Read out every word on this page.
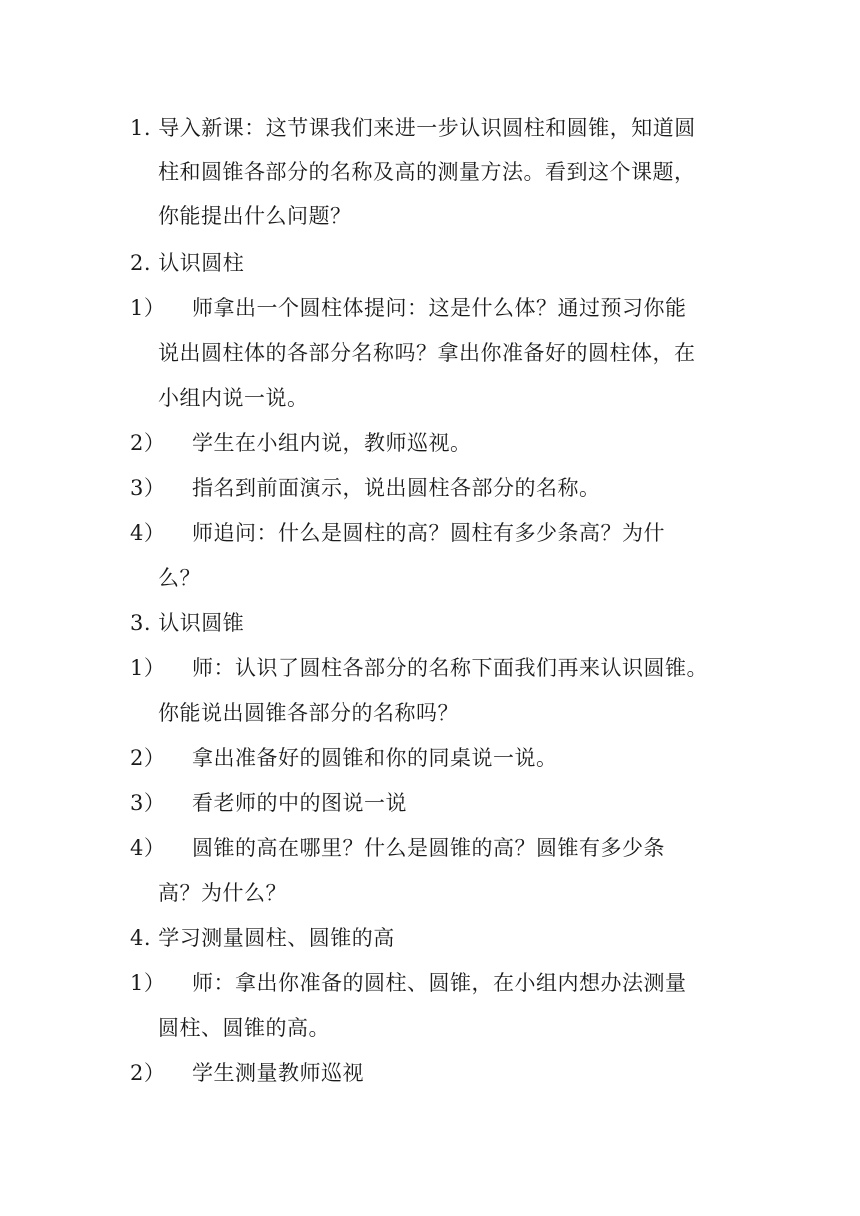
1. 导入新课：这节课我们来进一步认识圆柱和圆锥，知道圆
柱和圆锥各部分的名称及高的测量方法。看到这个课题，
你能提出什么问题？
2. 认识圆柱
1） 师拿出一个圆柱体提问：这是什么体？通过预习你能
说出圆柱体的各部分名称吗？拿出你准备好的圆柱体，在
小组内说一说。
2） 学生在小组内说，教师巡视。
3） 指名到前面演示，说出圆柱各部分的名称。
4） 师追问：什么是圆柱的高？圆柱有多少条高？为什
么？
3. 认识圆锥
1） 师：认识了圆柱各部分的名称下面我们再来认识圆锥。
你能说出圆锥各部分的名称吗？
2） 拿出准备好的圆锥和你的同桌说一说。
3） 看老师的中的图说一说
4） 圆锥的高在哪里？什么是圆锥的高？圆锥有多少条
高？为什么？
4. 学习测量圆柱、圆锥的高
1） 师：拿出你准备的圆柱、圆锥，在小组内想办法测量
圆柱、圆锥的高。
2） 学生测量教师巡视
